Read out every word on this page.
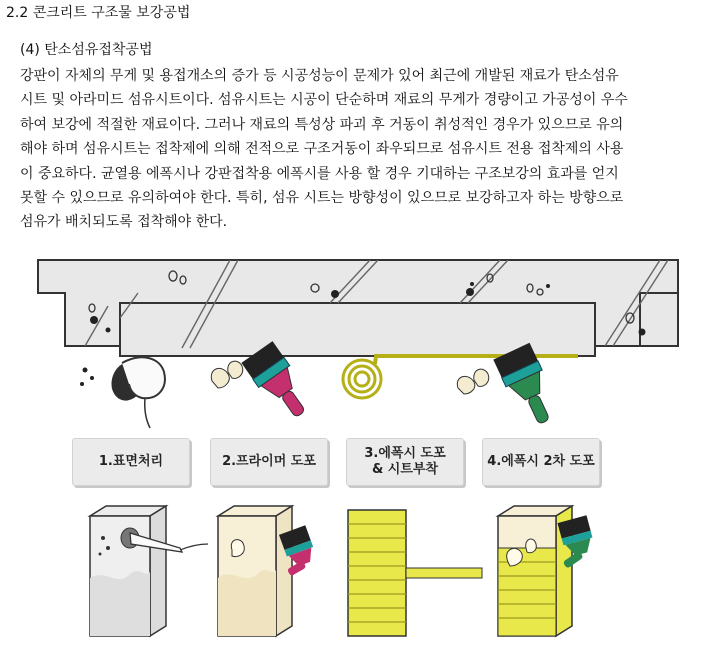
2.2 콘크리트 구조물 보강공법
(4) 탄소섬유접착공법
강판이 자체의 무게 및 용접개소의 증가 등 시공성능이 문제가 있어 최근에 개발된 재료가 탄소섬유
시트 및 아라미드 섬유시트이다. 섬유시트는 시공이 단순하며 재료의 무게가 경량이고 가공성이 우수
하여 보강에 적절한 재료이다. 그러나 재료의 특성상 파괴 후 거동이 취성적인 경우가 있으므로 유의
해야 하며 섬유시트는 접착제에 의해 전적으로 구조거동이 좌우되므로 섬유시트 전용 접착제의 사용
이 중요하다. 균열용 에폭시나 강판접착용 에폭시를 사용 할 경우 기대하는 구조보강의 효과를 얻지
못할 수 있으므로 유의하여야 한다. 특히, 섬유 시트는 방향성이 있으므로 보강하고자 하는 방향으로
섬유가 배치되도록 접착해야 한다.
1.표면처리	2.프라이머 도포
3.에폭시 도포
& 시트부착
4.에폭시 2차 도포
